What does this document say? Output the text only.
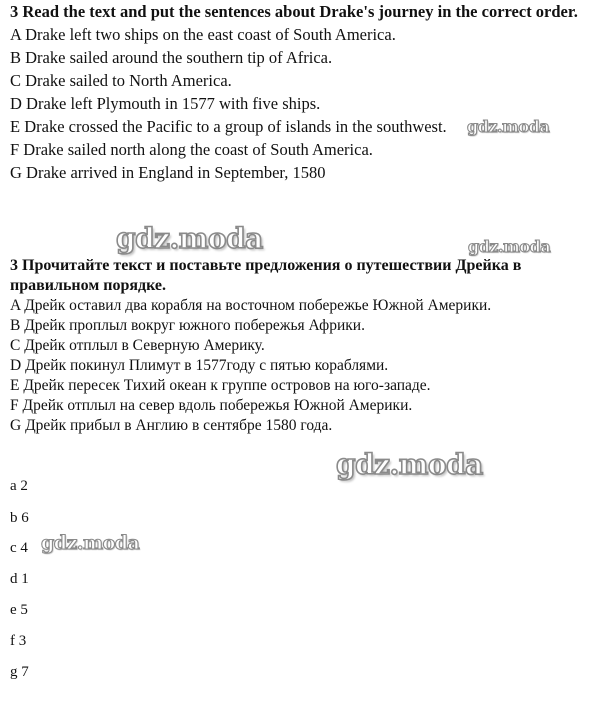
3 Read the text and put the sentences about Drake's journey in the correct order.

A Drake left two ships on the east coast of South America.

B Drake sailed around the southern tip of Africa.

C Drake sailed to North America.

D Drake left Plymouth in 1577 with five ships.

E Drake crossed the Pacific to a group of islands in the southwest.

F Drake sailed north along the coast of South America.

G Drake arrived in England in September, 1580

3 Прочитайте текст и поставьте предложения о путешествии Дрейка в правильном порядке.

A Дрейк оставил два корабля на восточном побережье Южной Америки.

B Дрейк проплыл вокруг южного побережья Африки.

C Дрейк отплыл в Северную Америку.

D Дрейк покинул Плимут в 1577году с пятью кораблями.

E Дрейк пересек Тихий океан к группе островов на юго-западе.

F Дрейк отплыл на север вдоль побережья Южной Америки.

G Дрейк прибыл в Англию в сентябре 1580 года.

a 2
b 6
c 4
d 1
e 5
f 3
g 7
gdz.moda
gdz.moda	gdz.moda
gdz.moda
gdz.moda
